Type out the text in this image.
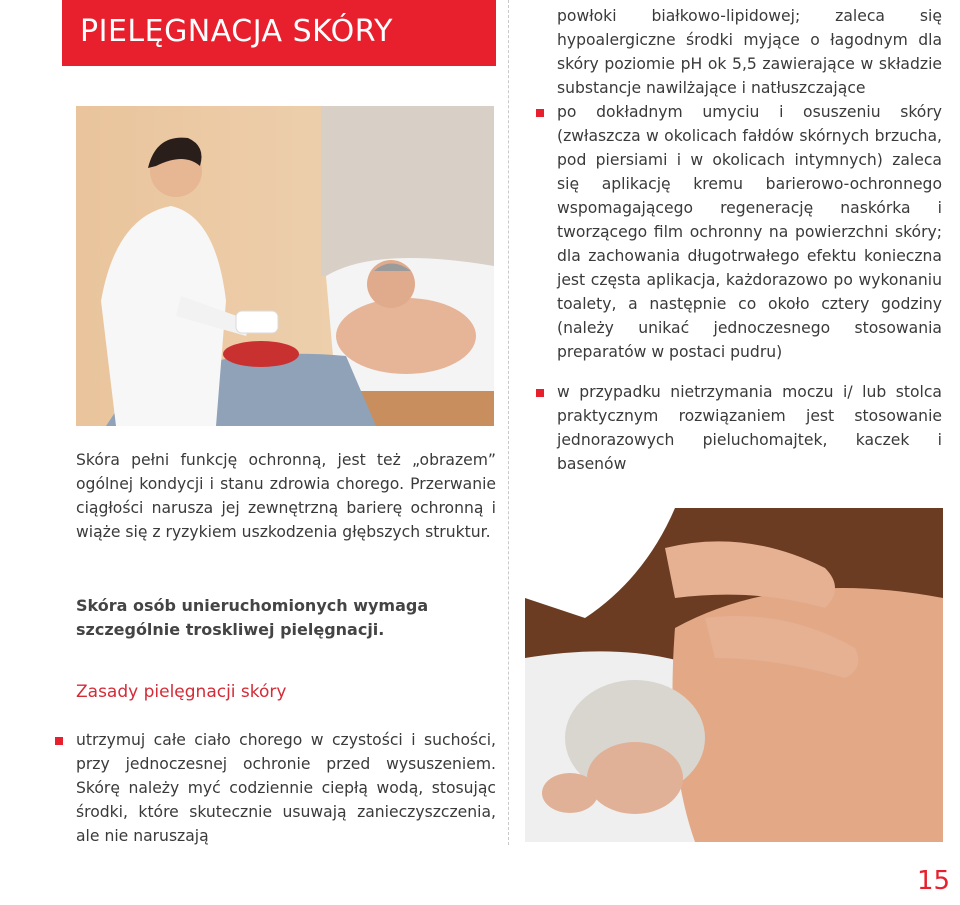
PIELĘGNACJA SKÓRY

Skóra pełni funkcję ochronną, jest też „obrazem” ogólnej kondycji i stanu zdrowia chorego. Przerwanie ciągłości narusza jej zewnętrzną barierę ochronną i wiąże się z ryzykiem uszkodzenia głębszych struktur.

Skóra osób unieruchomionych wymaga szczególnie troskliwej pielęgnacji.
Zasady pielęgnacji skóry
utrzymuj całe ciało chorego w czystości i suchości, przy jednoczesnej ochronie przed wysuszeniem. Skórę należy myć codziennie ciepłą wodą, stosując środki, które skutecznie usuwają zanieczyszczenia, ale nie naruszają

powłoki białkowo-lipidowej; zaleca się hypoalergiczne środki myjące o łagodnym dla skóry poziomie pH ok 5,5 zawierające w składzie substancje nawilżające i natłuszczające

po dokładnym umyciu i osuszeniu skóry (zwłaszcza w okolicach fałdów skórnych brzucha, pod piersiami i w okolicach intymnych) zaleca się aplikację kremu barierowo-ochronnego wspomagającego regenerację naskórka i tworzącego film ochronny na powierzchni skóry; dla zachowania długotrwałego efektu konieczna jest częsta aplikacja, każdorazowo po wykonaniu toalety, a następnie co około cztery godziny (należy unikać jednoczesnego stosowania preparatów w postaci pudru)
w przypadku nietrzymania moczu i/ lub stolca praktycznym rozwiązaniem jest stosowanie jednorazowych pieluchomajtek, kaczek i basenów
15
